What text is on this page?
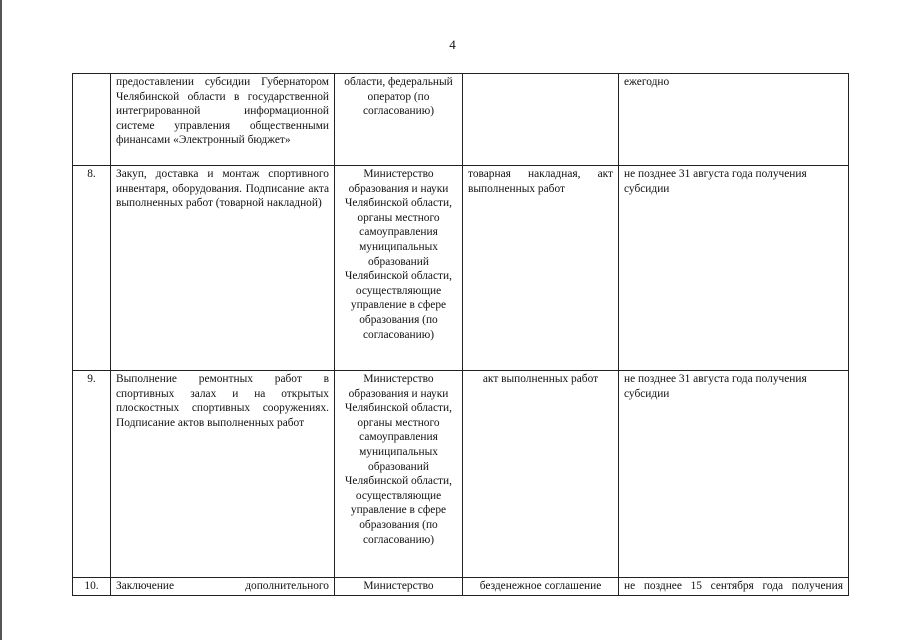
4
	предоставлении субсидии Губернатором Челябинской области в государственной интегрированной информационной системе управления общественными финансами «Электронный бюджет»	области, федеральный оператор (по согласованию)		ежегодно
8.	Закуп, доставка и монтаж спортивного инвентаря, оборудования. Подписание акта выполненных работ (товарной накладной)	Министерство образования и науки Челябинской области, органы местного самоуправления муниципальных образований Челябинской области, осуществляющие управление в сфере образования (по согласованию)	товарная накладная, акт выполненных работ	не позднее 31 августа года получения субсидии
9.	Выполнение ремонтных работ в спортивных залах и на открытых плоскостных спортивных сооружениях. Подписание актов выполненных работ	Министерство образования и науки Челябинской области, органы местного самоуправления муниципальных образований Челябинской области, осуществляющие управление в сфере образования (по согласованию)	акт выполненных работ	не позднее 31 августа года получения субсидии
10.	Заключение дополнительного	Министерство	безденежное соглашение	не позднее 15 сентября года получения
